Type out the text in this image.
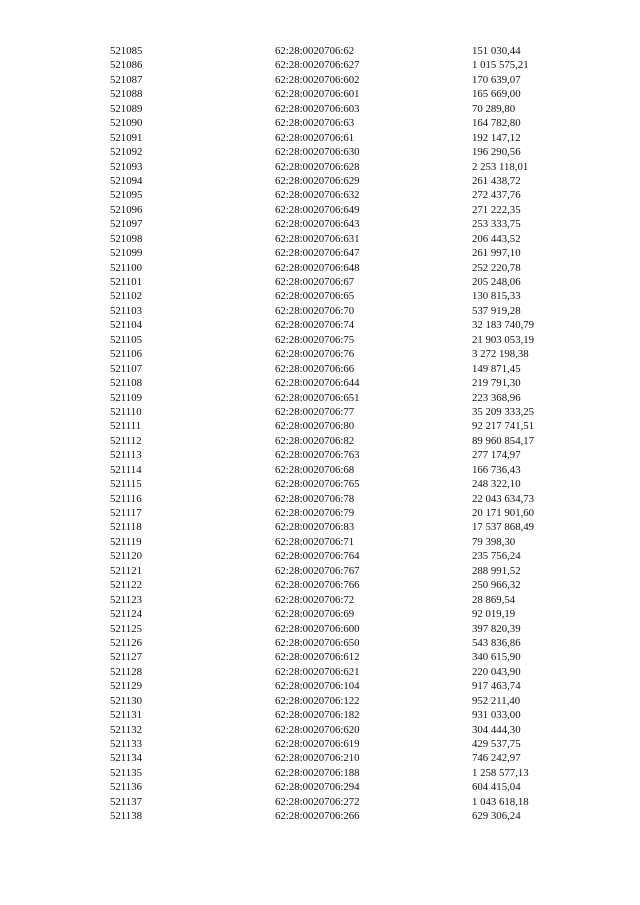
521085	62:28:0020706:62	151 030,44
521086	62:28:0020706:627	1 015 575,21
521087	62:28:0020706:602	170 639,07
521088	62:28:0020706:601	165 669,00
521089	62:28:0020706:603	70 289,80
521090	62:28:0020706:63	164 782,80
521091	62:28:0020706:61	192 147,12
521092	62:28:0020706:630	196 290,56
521093	62:28:0020706:628	2 253 118,01
521094	62:28:0020706:629	261 438,72
521095	62:28:0020706:632	272 437,76
521096	62:28:0020706:649	271 222,35
521097	62:28:0020706:643	253 333,75
521098	62:28:0020706:631	206 443,52
521099	62:28:0020706:647	261 997,10
521100	62:28:0020706:648	252 220,78
521101	62:28:0020706:67	205 248,06
521102	62:28:0020706:65	130 815,33
521103	62:28:0020706:70	537 919,28
521104	62:28:0020706:74	32 183 740,79
521105	62:28:0020706:75	21 903 053,19
521106	62:28:0020706:76	3 272 198,38
521107	62:28:0020706:66	149 871,45
521108	62:28:0020706:644	219 791,30
521109	62:28:0020706:651	223 368,96
521110	62:28:0020706:77	35 209 333,25
521111	62:28:0020706:80	92 217 741,51
521112	62:28:0020706:82	89 960 854,17
521113	62:28:0020706:763	277 174,97
521114	62:28:0020706:68	166 736,43
521115	62:28:0020706:765	248 322,10
521116	62:28:0020706:78	22 043 634,73
521117	62:28:0020706:79	20 171 901,60
521118	62:28:0020706:83	17 537 868,49
521119	62:28:0020706:71	79 398,30
521120	62:28:0020706:764	235 756,24
521121	62:28:0020706:767	288 991,52
521122	62:28:0020706:766	250 966,32
521123	62:28:0020706:72	28 869,54
521124	62:28:0020706:69	92 019,19
521125	62:28:0020706:600	397 820,39
521126	62:28:0020706:650	543 836,86
521127	62:28:0020706:612	340 615,90
521128	62:28:0020706:621	220 043,90
521129	62:28:0020706:104	917 463,74
521130	62:28:0020706:122	952 211,40
521131	62:28:0020706:182	931 033,00
521132	62:28:0020706:620	304 444,30
521133	62:28:0020706:619	429 537,75
521134	62:28:0020706:210	746 242,97
521135	62:28:0020706:188	1 258 577,13
521136	62:28:0020706:294	604 415,04
521137	62:28:0020706:272	1 043 618,18
521138	62:28:0020706:266	629 306,24
